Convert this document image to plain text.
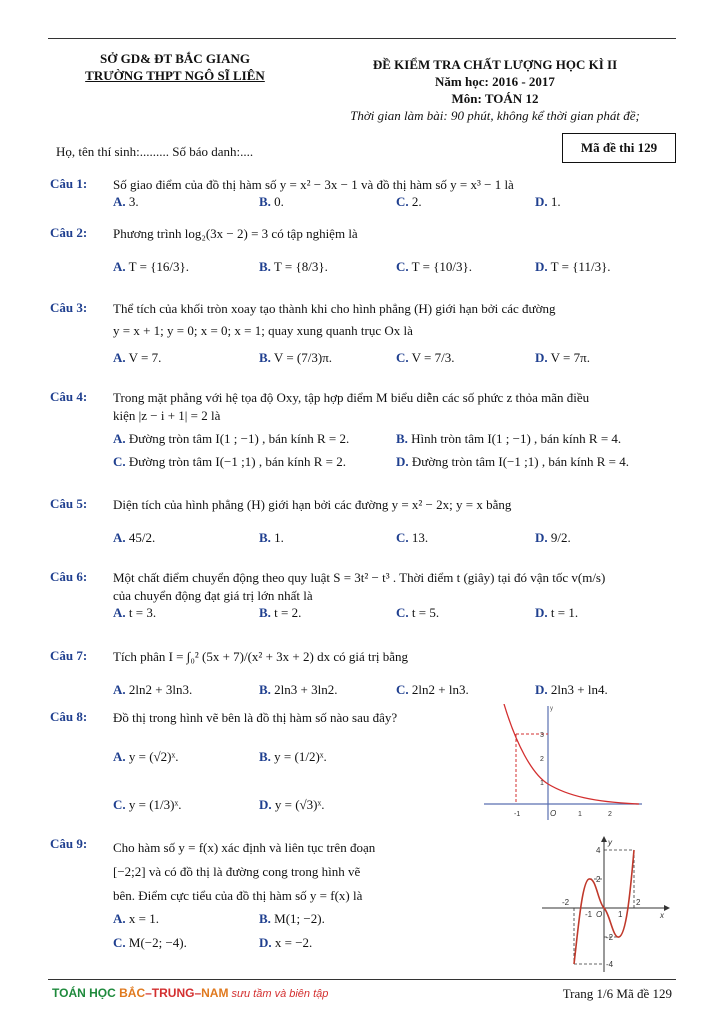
SỞ GD& ĐT BẮC GIANG
TRƯỜNG THPT NGÔ SĨ LIÊN
ĐỀ KIỂM TRA CHẤT LƯỢNG HỌC KÌ II
Năm học: 2016 - 2017
Môn: TOÁN 12
Thời gian làm bài: 90 phút, không kể thời gian phát đề;
Họ, tên thí sinh:......... Số báo danh:....	Mã đề thi 129
Câu 1: Số giao điểm của đồ thị hàm số y = x² − 3x − 1 và đồ thị hàm số y = x³ − 1 là
A. 3.	B. 0.	C. 2.	D. 1.
Câu 2: Phương trình log₂(3x − 2) = 3 có tập nghiệm là
A. T = {16/3}.	B. T = {8/3}.	C. T = {10/3}.	D. T = {11/3}.
Câu 3: Thể tích của khối tròn xoay tạo thành khi cho hình phẳng (H) giới hạn bởi các đường
y = x + 1; y = 0; x = 0; x = 1; quay xung quanh trục Ox là
A. V = 7.	B. V = (7/3)π.	C. V = 7/3.	D. V = 7π.
Câu 4: Trong mặt phẳng với hệ tọa độ Oxy, tập hợp điểm M biểu diễn các số phức z thỏa mãn điều
kiện |z − i + 1| = 2 là
A. Đường tròn tâm I(1 ; −1) , bán kính R = 2.	B. Hình tròn tâm I(1 ; −1) , bán kính R = 4.
C. Đường tròn tâm I(−1 ;1) , bán kính R = 2.	D. Đường tròn tâm I(−1 ;1) , bán kính R = 4.
Câu 5: Diện tích của hình phẳng (H) giới hạn bởi các đường y = x² − 2x; y = x bằng
A. 45/2.	B. 1.	C. 13.	D. 9/2.
Câu 6: Một chất điểm chuyển động theo quy luật S = 3t² − t³ . Thời điểm t (giây) tại đó vận tốc v(m/s)
của chuyển động đạt giá trị lớn nhất là
A. t = 3.	B. t = 2.	C. t = 5.	D. t = 1.
Câu 7: Tích phân I = ∫₀² (5x + 7)/(x² + 3x + 2) dx có giá trị bằng
A. 2ln2 + 3ln3.	B. 2ln3 + 3ln2.	C. 2ln2 + ln3.	D. 2ln3 + ln4.
Câu 8: Đồ thị trong hình vẽ bên là đồ thị hàm số nào sau đây?
A. y = (√2)ˣ.	B. y = (1/2)ˣ.
C. y = (1/3)ˣ.	D. y = (√3)ˣ.
y
-1	O	1	2
3
2
1
Câu 9: Cho hàm số y = f(x) xác định và liên tục trên đoạn
[−2;2] và có đồ thị là đường cong trong hình vẽ
bên. Điểm cực tiểu của đồ thị hàm số y = f(x) là
A. x = 1.	B. M(1; −2).
C. M(−2; −4).	D. x = −2.
x
y
-2
-1 O 1
2
4
2
-2
-4
TOÁN HỌC BẮC–TRUNG–NAM sưu tầm và biên tập	Trang 1/6 Mã đề 129
